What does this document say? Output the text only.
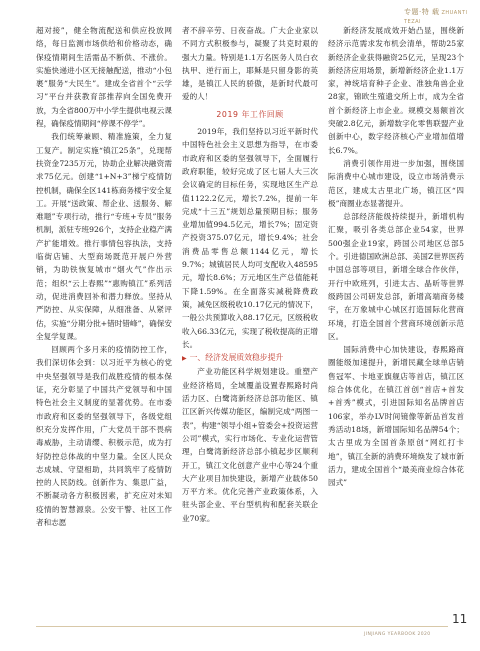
专题·特 载 ZHUANTI TEZAI

超对接”，健全物流配送和供应投放网络，每日监测市场供给和价格动态，确保疫情期间生活需品不断供、不涨价。实施快递进小区无接触配送，推动“小包裹”服务“大民生”。建成全省首个“云学习”平台并获教育部推荐向全国免费开放，为全省800万中小学生提供电视云课程，确保疫情期间“停课不停学”。

我们统筹兼顾、精准施策，全力复工复产。制定实施“镇江25条”，兑现帮扶资金7235万元，协助企业解决融资需求75亿元。创建“1+N+3”梯宁疫情防控机制，确保全区141栋商务楼宇安全复工。开展“送政策、帮企业、送服务、解难题”专项行动，推行“专班+专员”服务机制，派驻专班926个，支持企业稳产满产扩能增效。推行事情包容执法，支持临街店铺、大型商场既范开展户外营销，为助铁恢复城市“烟火气”作出示范；组织“云上春熙”“惠购镇江”系列活动，促进消费回补和潜力释放。坚持从严防控、从实保障，从细准备、从紧评估，实施“分期分批+错时错峰”，确保安全复学复课。

回顾两个多月来的疫情防控工作，我们深切体会到：以习近平为核心的党中央坚强领导是我们战胜疫情的根本保证，充分彰显了中国共产党领导和中国特色社会主义制度的显著优势。在市委市政府和区委的坚强领导下，各级党组织充分发挥作用，广大党员干部不畏病毒威胁，主动请缨、积极示范，成为打好防控总体战的中坚力量。全区人民众志成城、守望相助，共同筑牢了疫情防控的人民防线。创新作为、集思广益，不断凝动各方积极因素，扩充应对未知疫情的智慧源泉。公安干警、社区工作者和志愿

者不辞辛劳、日夜奋战。广大企业家以不同方式积极参与，凝聚了共克时艰的强大力量。特别是1.1万名医务人员白衣执甲、逆行而上，耶稣是只留身影的英雄，是镇江人民的骄傲，是新时代最可爱的人！

2019 年工作回顾

2019年，我们坚持以习近平新时代中国特色社会主义思想为指导，在市委市政府和区委的坚强领导下，全面履行政府职能，较好完成了区七届人大三次会议确定的目标任务，实现地区生产总值1122.2亿元，增长7.2%，提前一年完成“十三五”规划总量预期目标；服务业增加值994.5亿元，增长7%；固定资产投资375.07亿元，增长9.4%；社会消费品零售总额1144亿元，增长9.7%；城镇居民人均可支配收入48595元，增长8.6%；万元地区生产总值能耗下降1.59%。在全面落实减税降费政策，减免区级税收10.17亿元的情况下，一般公共预算收入88.17亿元，区级税收收入66.33亿元，实现了税收提高的正增长。

▶ 一、经济发展质效稳步提升

产业功能区科学规划建设。重塑产业经济格局，全域覆盖设置春熙路时尚活力区、白鹭湾新经济总部功能区、镇江区新兴传媒功能区，编制完成“两图一表”，构建“领导小组+管委会+投资运营公司”模式，实行市场化、专业化运营管理，白鹭湾新经济总部小镇起步区顺利开工，镇江文化创意产业中心等24个重大产业项目加快建设，新增产业载体50万平方米。优化完善产业政策体系，入驻头部企业、平台型机构和配套关联企业70家。

新经济发展成效开始凸显，围绕新经济示范需求发布机会清单，帮助25家新经济企业获得融资25亿元，呈现23个新经济应用场景，新增新经济企业1.1万家，神统培育种子企业、准独角兽企业28家，锦欧生殖遗交所上市，成为全省首个新经济上市企业。规模交易额首次突破2.8亿元，新增数字化零售联盟产业创新中心，数字经济核心产业增加值增长6.7%。

消费引领作用进一步加强，围绕国际消费中心城市建设，设立市场消费示范区，建成太古里北广场，镇江区“四极”商圈业态显著提升。

总部经济能级持续提升，新增机构汇聚，吸引各类总部企业54家，世界500强企业19家，跨国公司地区总部5个。引进德国欧洲总部、美国Z世界医药中国总部等项目，新增全球合作伙伴，开行中欧班列，引进太古、晶昕等世界级跨国公司研发总部，新增高端商务楼宇，在万象城中心城区打造国际化营商环境，打造全国首个营商环境创新示范区。

国际消费中心加快建设，春熙路商圈能级加速提升，新增民藏全球单店销售冠军、卡地亚旗舰店等首店，镇江区综合体优化，在镇江首创“首店+首发+首秀”模式，引进国际知名品牌首店106家，举办LV时间镜像等新品首发首秀活动18场，新增国际知名品牌54个；太古里成为全国首条原创“网红打卡地”，镇江全新的消费环境焕发了城市新活力，建成全国首个“最美商业综合体花园式”

11
JINJIANG YEARBOOK 2020
